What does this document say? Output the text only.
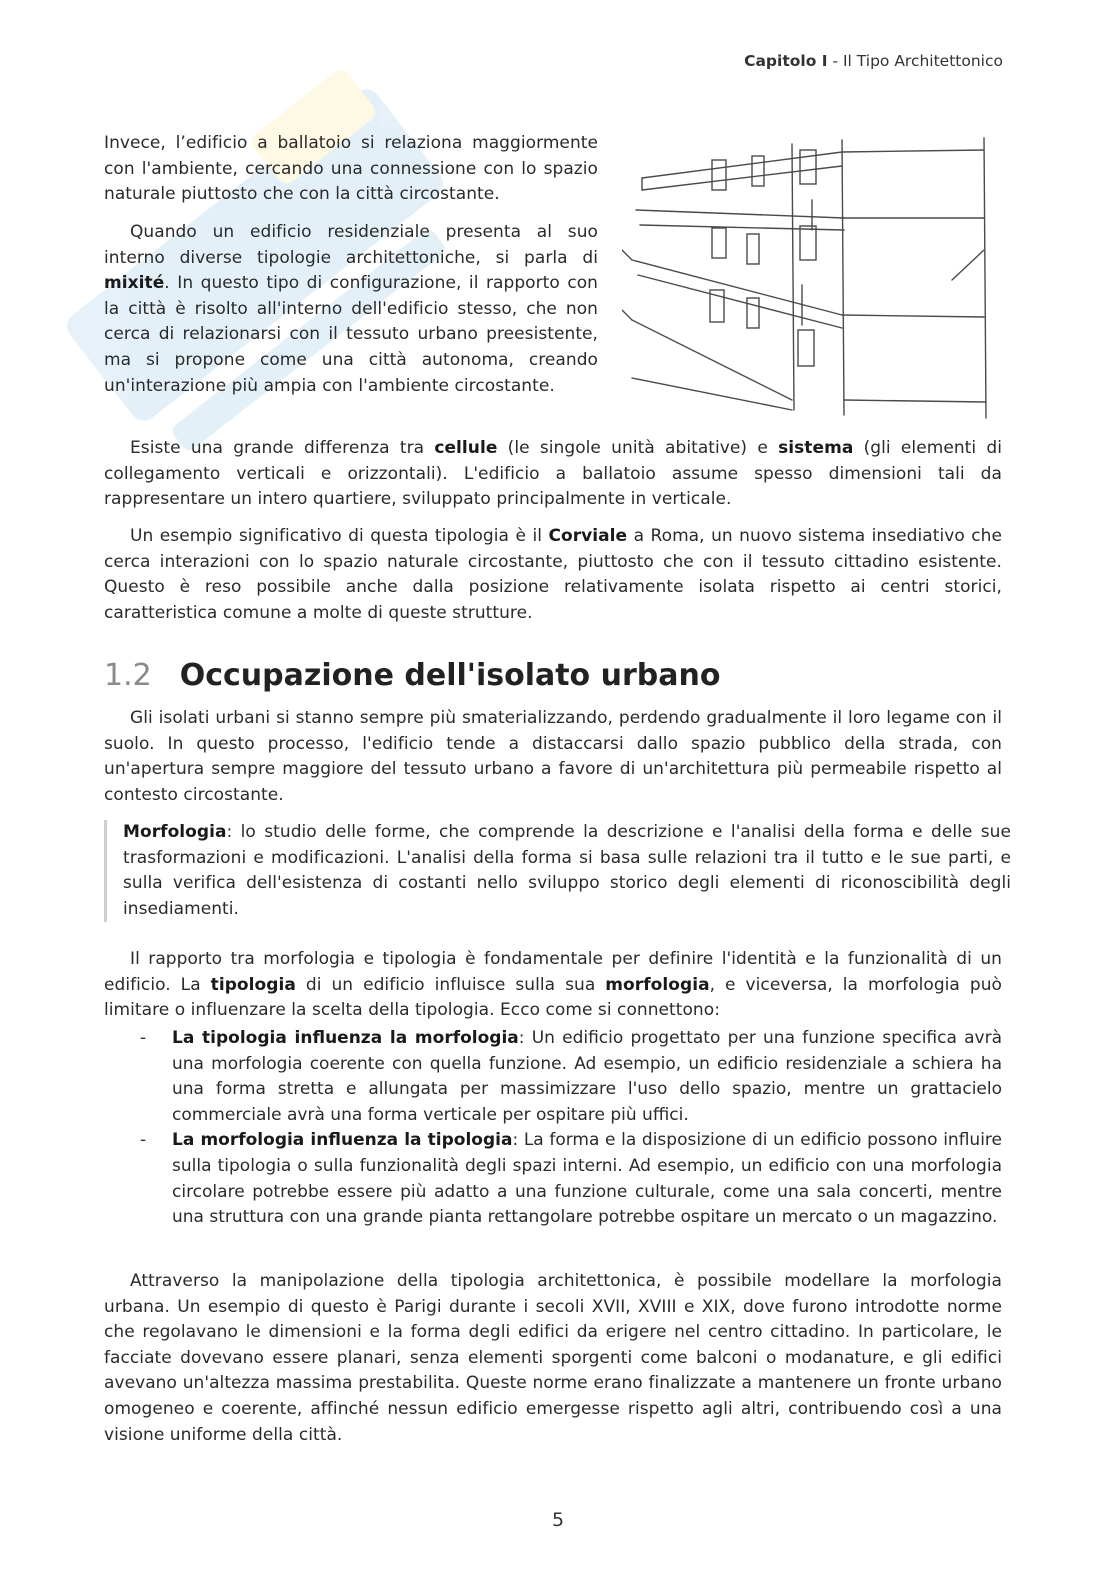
Capitolo I - Il Tipo Architettonico

Invece, l’edificio a ballatoio si relaziona maggiormente con l'ambiente, cercando una connessione con lo spazio naturale piuttosto che con la città circostante.

Quando un edificio residenziale presenta al suo interno diverse tipologie architettoniche, si parla di mixité. In questo tipo di configurazione, il rapporto con la città è risolto all'interno dell'edificio stesso, che non cerca di relazionarsi con il tessuto urbano preesistente, ma si propone come una città autonoma, creando un'interazione più ampia con l'ambiente circostante.

Esiste una grande differenza tra cellule (le singole unità abitative) e sistema (gli elementi di collegamento verticali e orizzontali). L'edificio a ballatoio assume spesso dimensioni tali da rappresentare un intero quartiere, sviluppato principalmente in verticale.

Un esempio significativo di questa tipologia è il Corviale a Roma, un nuovo sistema insediativo che cerca interazioni con lo spazio naturale circostante, piuttosto che con il tessuto cittadino esistente. Questo è reso possibile anche dalla posizione relativamente isolata rispetto ai centri storici, caratteristica comune a molte di queste strutture.

1.2 Occupazione dell'isolato urbano

Gli isolati urbani si stanno sempre più smaterializzando, perdendo gradualmente il loro legame con il suolo. In questo processo, l'edificio tende a distaccarsi dallo spazio pubblico della strada, con un'apertura sempre maggiore del tessuto urbano a favore di un'architettura più permeabile rispetto al contesto circostante.

Morfologia: lo studio delle forme, che comprende la descrizione e l'analisi della forma e delle sue trasformazioni e modificazioni. L'analisi della forma si basa sulle relazioni tra il tutto e le sue parti, e sulla verifica dell'esistenza di costanti nello sviluppo storico degli elementi di riconoscibilità degli insediamenti.

Il rapporto tra morfologia e tipologia è fondamentale per definire l'identità e la funzionalità di un edificio. La tipologia di un edificio influisce sulla sua morfologia, e viceversa, la morfologia può limitare o influenzare la scelta della tipologia. Ecco come si connettono:

- La tipologia influenza la morfologia: Un edificio progettato per una funzione specifica avrà una morfologia coerente con quella funzione. Ad esempio, un edificio residenziale a schiera ha una forma stretta e allungata per massimizzare l'uso dello spazio, mentre un grattacielo commerciale avrà una forma verticale per ospitare più uffici.
- La morfologia influenza la tipologia: La forma e la disposizione di un edificio possono influire sulla tipologia o sulla funzionalità degli spazi interni. Ad esempio, un edificio con una morfologia circolare potrebbe essere più adatto a una funzione culturale, come una sala concerti, mentre una struttura con una grande pianta rettangolare potrebbe ospitare un mercato o un magazzino.

Attraverso la manipolazione della tipologia architettonica, è possibile modellare la morfologia urbana. Un esempio di questo è Parigi durante i secoli XVII, XVIII e XIX, dove furono introdotte norme che regolavano le dimensioni e la forma degli edifici da erigere nel centro cittadino. In particolare, le facciate dovevano essere planari, senza elementi sporgenti come balconi o modanature, e gli edifici avevano un'altezza massima prestabilita. Queste norme erano finalizzate a mantenere un fronte urbano omogeneo e coerente, affinché nessun edificio emergesse rispetto agli altri, contribuendo così a una visione uniforme della città.

5
